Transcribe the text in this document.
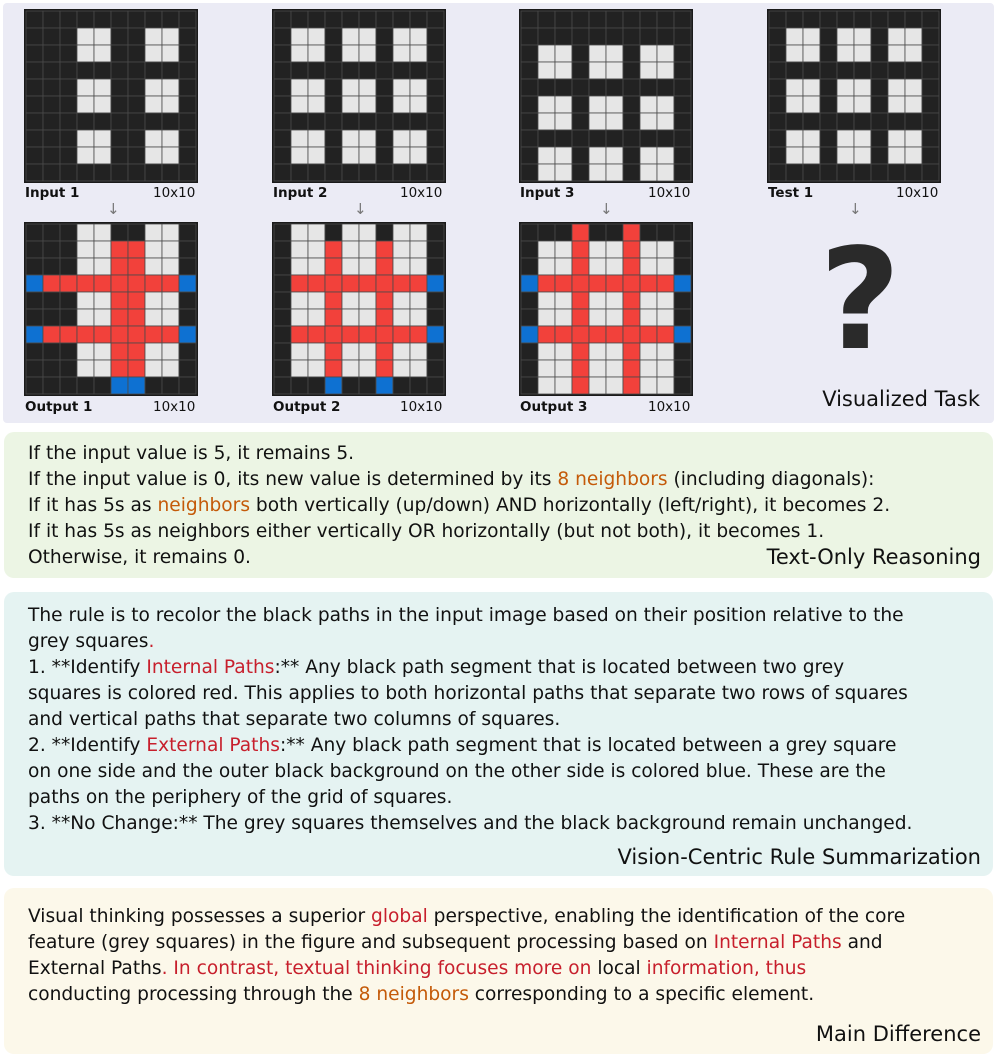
Input 1	10x10
↓
Output 1	10x10
Input 2	10x10
↓
Output 2	10x10
Input 3	10x10
↓
Output 3	10x10
Test 1	10x10
↓
?
Visualized Task
If the input value is 5, it remains 5.
If the input value is 0, its new value is determined by its 8 neighbors (including diagonals):
If it has 5s as neighbors both vertically (up/down) AND horizontally (left/right), it becomes 2.
If it has 5s as neighbors either vertically OR horizontally (but not both), it becomes 1.
Otherwise, it remains 0.	Text-Only Reasoning
The rule is to recolor the black paths in the input image based on their position relative to the
grey squares.
1. **Identify Internal Paths:** Any black path segment that is located between two grey
squares is colored red. This applies to both horizontal paths that separate two rows of squares
and vertical paths that separate two columns of squares.
2. **Identify External Paths:** Any black path segment that is located between a grey square
on one side and the outer black background on the other side is colored blue. These are the
paths on the periphery of the grid of squares.
3. **No Change:** The grey squares themselves and the black background remain unchanged.
Vision-Centric Rule Summarization
Visual thinking possesses a superior global perspective, enabling the identification of the core
feature (grey squares) in the figure and subsequent processing based on Internal Paths and
External Paths. In contrast, textual thinking focuses more on local information, thus
conducting processing through the 8 neighbors corresponding to a specific element.
Main Difference
